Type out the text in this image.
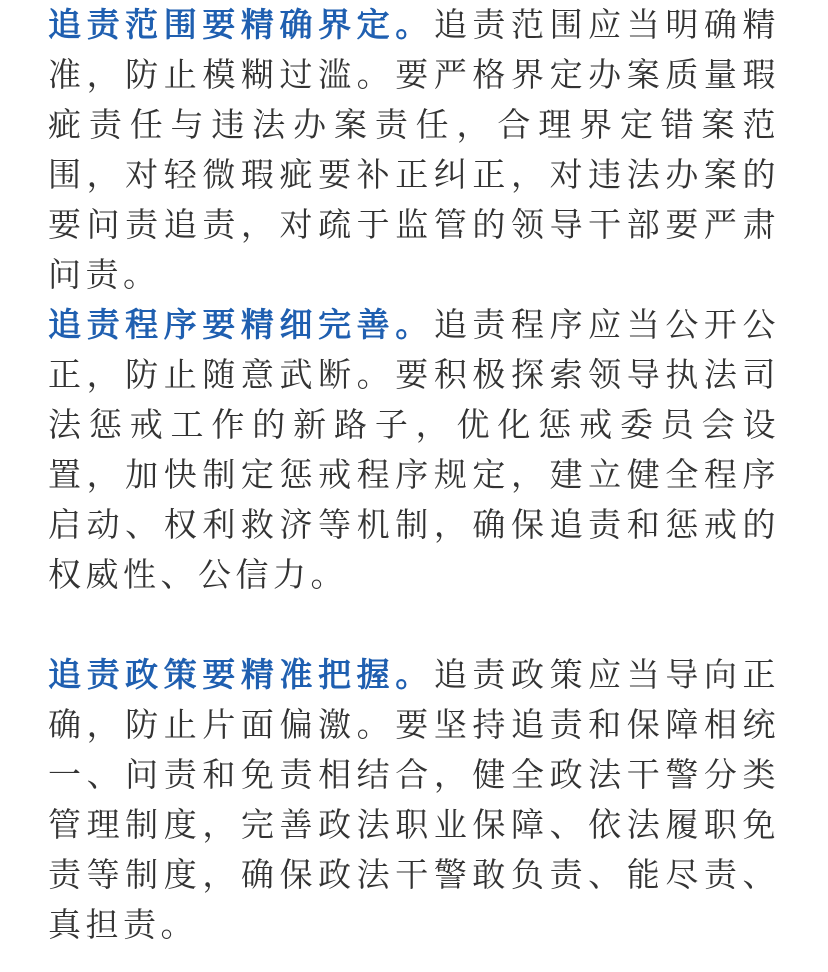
追责范围要精确界定。追责范围应当明确精准，防止模糊过滥。要严格界定办案质量瑕疵责任与违法办案责任，合理界定错案范围，对轻微瑕疵要补正纠正，对违法办案的要问责追责，对疏于监管的领导干部要严肃问责。

追责程序要精细完善。追责程序应当公开公正，防止随意武断。要积极探索领导执法司法惩戒工作的新路子，优化惩戒委员会设置，加快制定惩戒程序规定，建立健全程序启动、权利救济等机制，确保追责和惩戒的权威性、公信力。

追责政策要精准把握。追责政策应当导向正确，防止片面偏激。要坚持追责和保障相统一、问责和免责相结合，健全政法干警分类管理制度，完善政法职业保障、依法履职免责等制度，确保政法干警敢负责、能尽责、真担责。
